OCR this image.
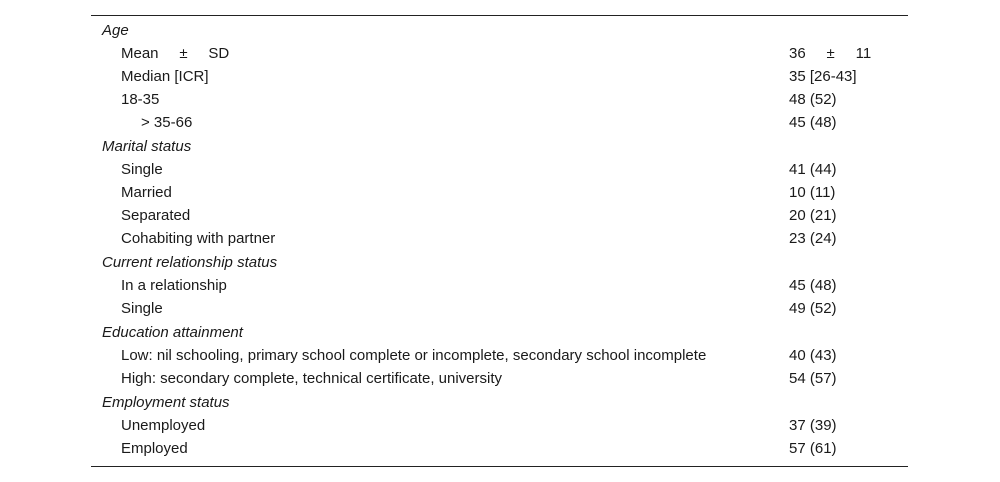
Age
Mean     ±     SD	36     ±     11
Median [ICR]	35 [26-43]
18-35	48 (52)
> 35-66	45 (48)
Marital status
Single	41 (44)
Married	10 (11)
Separated	20 (21)
Cohabiting with partner	23 (24)
Current relationship status
In a relationship	45 (48)
Single	49 (52)
Education attainment
Low: nil schooling, primary school complete or incomplete, secondary school incomplete	40 (43)
High: secondary complete, technical certificate, university	54 (57)
Employment status
Unemployed	37 (39)
Employed	57 (61)
